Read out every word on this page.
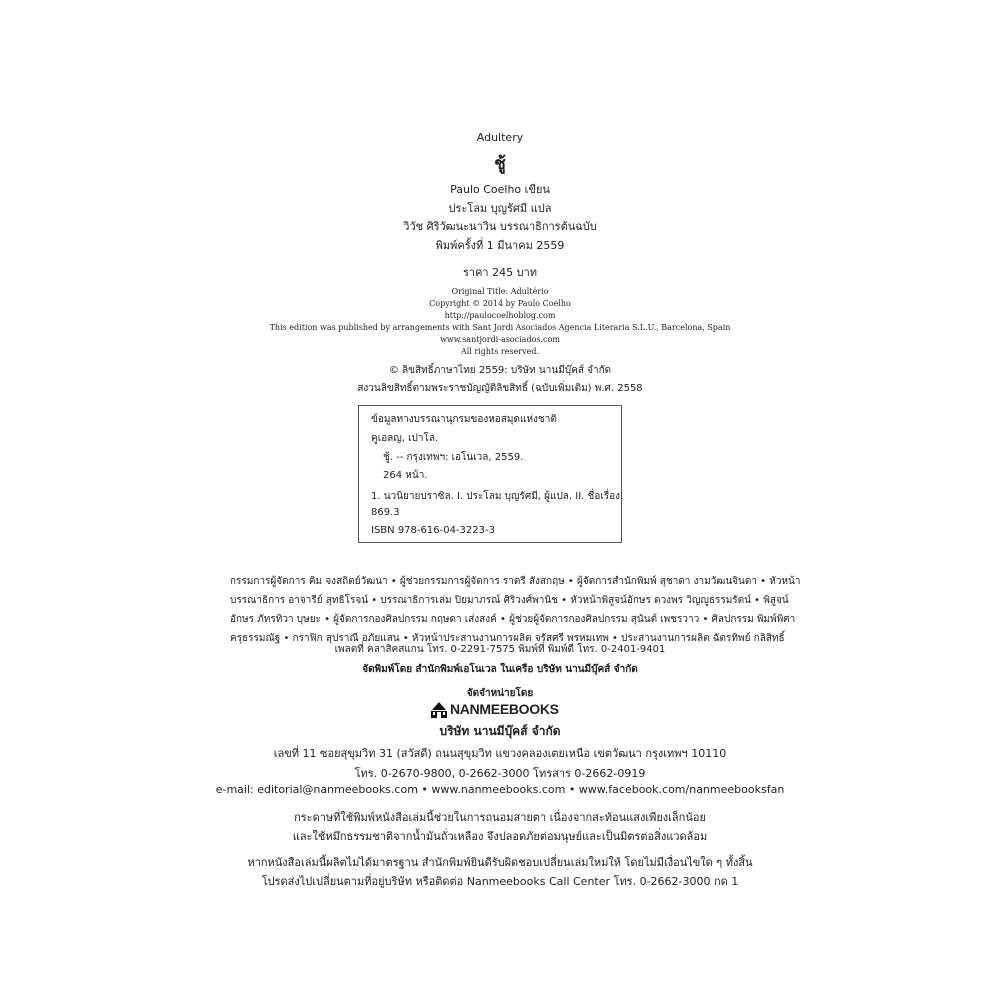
Adultery
ชู้
Paulo Coelho เขียน
ประโลม บุญรัศมี แปล
วิวัช ศิริวัฒนะนาวิน บรรณาธิการต้นฉบับ
พิมพ์ครั้งที่ 1 มีนาคม 2559
ราคา 245 บาท
Original Title: Adultério
Copyright © 2014 by Paulo Coelho
http://paulocoelhoblog.com
This edition was published by arrangements with Sant Jordi Asociados Agencia Literaria S.L.U., Barcelona, Spain
www.santjordi-asociados.com
All rights reserved.
© ลิขสิทธิ์ภาษาไทย 2559: บริษัท นานมีบุ๊คส์ จำกัด
สงวนลิขสิทธิ์ตามพระราชบัญญัติลิขสิทธิ์ (ฉบับเพิ่มเติม) พ.ศ. 2558
ข้อมูลทางบรรณานุกรมของหอสมุดแห่งชาติ
คูเอลญ, เปาโล.
ชู้. -- กรุงเทพฯ: เอโนเวล, 2559.
264 หน้า.
1. นวนิยายบราซิล. I. ประโลม บุญรัศมี, ผู้แปล. II. ชื่อเรื่อง.
869.3
ISBN 978-616-04-3223-3
กรรมการผู้จัดการ คิม จงสถิตย์วัฒนา • ผู้ช่วยกรรมการผู้จัดการ ราตรี สังสกฤษ • ผู้จัดการสำนักพิมพ์ สุชาดา งามวัฒนจินดา • หัวหน้า
บรรณาธิการ อาจารีย์ สุทธิโรจน์ • บรรณาธิการเล่ม ปิยมาภรณ์ ศิริวงศ์พานิช • หัวหน้าพิสูจน์อักษร ดวงพร วิญญูธรรมรัตน์ • พิสูจน์
อักษร ภัทรทิวา บุษยะ • ผู้จัดการกองศิลปกรรม กฤษดา เส่งสงค์ • ผู้ช่วยผู้จัดการกองศิลปกรรม สุนันต์ เพชรวาว • ศิลปกรรม พิมพ์พิศา
ครุธรรมณัฐ • กราฟิก สุปราณี อภัยแสน • หัวหน้าประสานงานการผลิต จรัสศรี พรหมเทพ • ประสานงานการผลิต ฉัตรทิพย์ กลิสิทธิ์
เพลตที่ คลาสิคสแกน โทร. 0-2291-7575 พิมพ์ที่ พิมพ์ดี โทร. 0-2401-9401
จัดพิมพ์โดย สำนักพิมพ์เอโนเวล ในเครือ บริษัท นานมีบุ๊คส์ จำกัด
จัดจำหน่ายโดย
NANMEEBOOKS
บริษัท นานมีบุ๊คส์ จำกัด
เลขที่ 11 ซอยสุขุมวิท 31 (สวัสดี) ถนนสุขุมวิท แขวงคลองเตยเหนือ เขตวัฒนา กรุงเทพฯ 10110
โทร. 0-2670-9800, 0-2662-3000 โทรสาร 0-2662-0919
e-mail: editorial@nanmeebooks.com • www.nanmeebooks.com • www.facebook.com/nanmeebooksfan
กระดาษที่ใช้พิมพ์หนังสือเล่มนี้ช่วยในการถนอมสายตา เนื่องจากสะท้อนแสงเพียงเล็กน้อย
และใช้หมึกธรรมชาติจากน้ำมันถั่วเหลือง จึงปลอดภัยต่อมนุษย์และเป็นมิตรต่อสิ่งแวดล้อม
หากหนังสือเล่มนี้ผลิตไม่ได้มาตรฐาน สำนักพิมพ์ยินดีรับผิดชอบเปลี่ยนเล่มใหม่ให้ โดยไม่มีเงื่อนไขใด ๆ ทั้งสิ้น
โปรดส่งไปเปลี่ยนตามที่อยู่บริษัท หรือติดต่อ Nanmeebooks Call Center โทร. 0-2662-3000 กด 1
